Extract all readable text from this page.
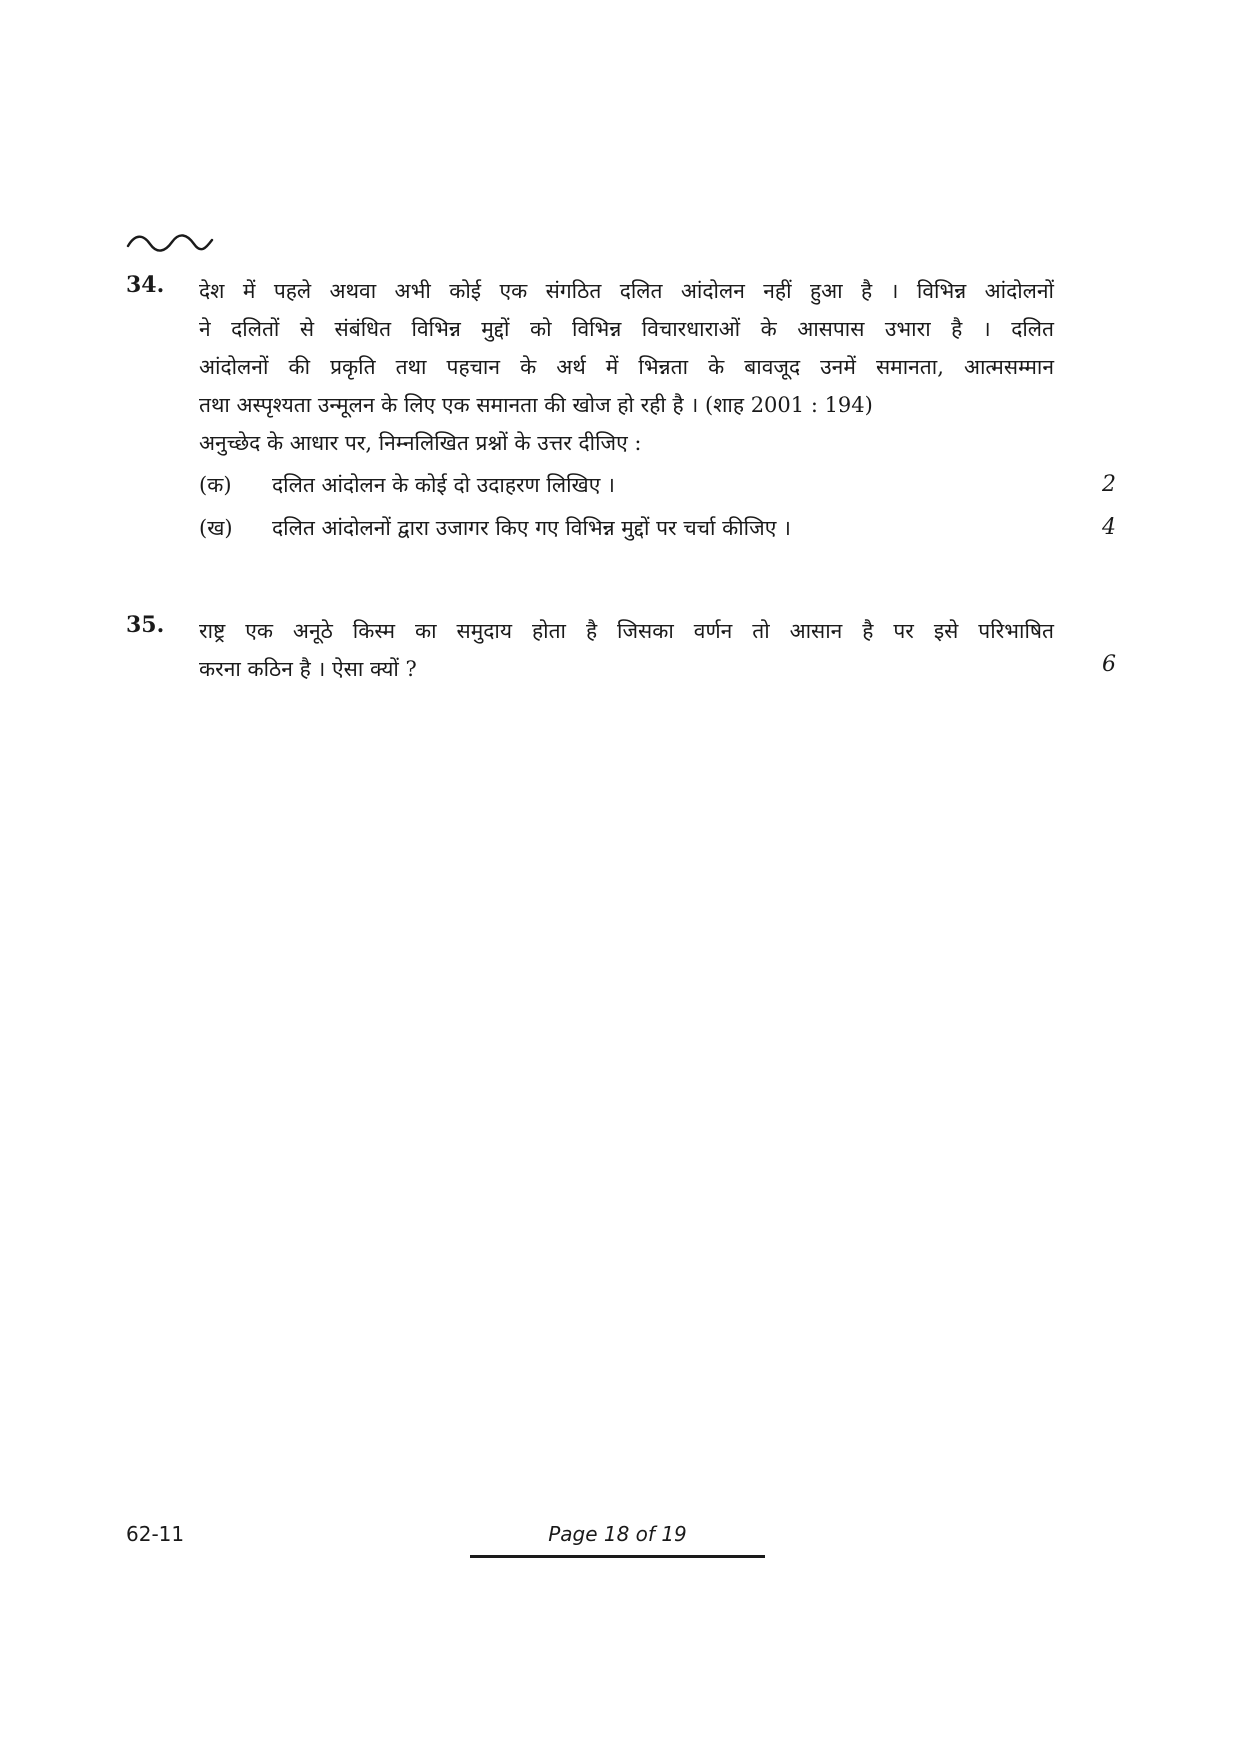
34. देश में पहले अथवा अभी कोई एक संगठित दलित आंदोलन नहीं हुआ है । विभिन्न आंदोलनों
ने दलितों से संबंधित विभिन्न मुद्दों को विभिन्न विचारधाराओं के आसपास उभारा है । दलित
आंदोलनों की प्रकृति तथा पहचान के अर्थ में भिन्नता के बावजूद उनमें समानता, आत्मसम्मान
तथा अस्पृश्यता उन्मूलन के लिए एक समानता की खोज हो रही है । (शाह 2001 : 194)
अनुच्छेद के आधार पर, निम्नलिखित प्रश्नों के उत्तर दीजिए :
(क) दलित आंदोलन के कोई दो उदाहरण लिखिए ।	2
(ख) दलित आंदोलनों द्वारा उजागर किए गए विभिन्न मुद्दों पर चर्चा कीजिए ।	4
35. राष्ट्र एक अनूठे किस्म का समुदाय होता है जिसका वर्णन तो आसान है पर इसे परिभाषित
करना कठिन है । ऐसा क्यों ?	6
62-11	Page 18 of 19
